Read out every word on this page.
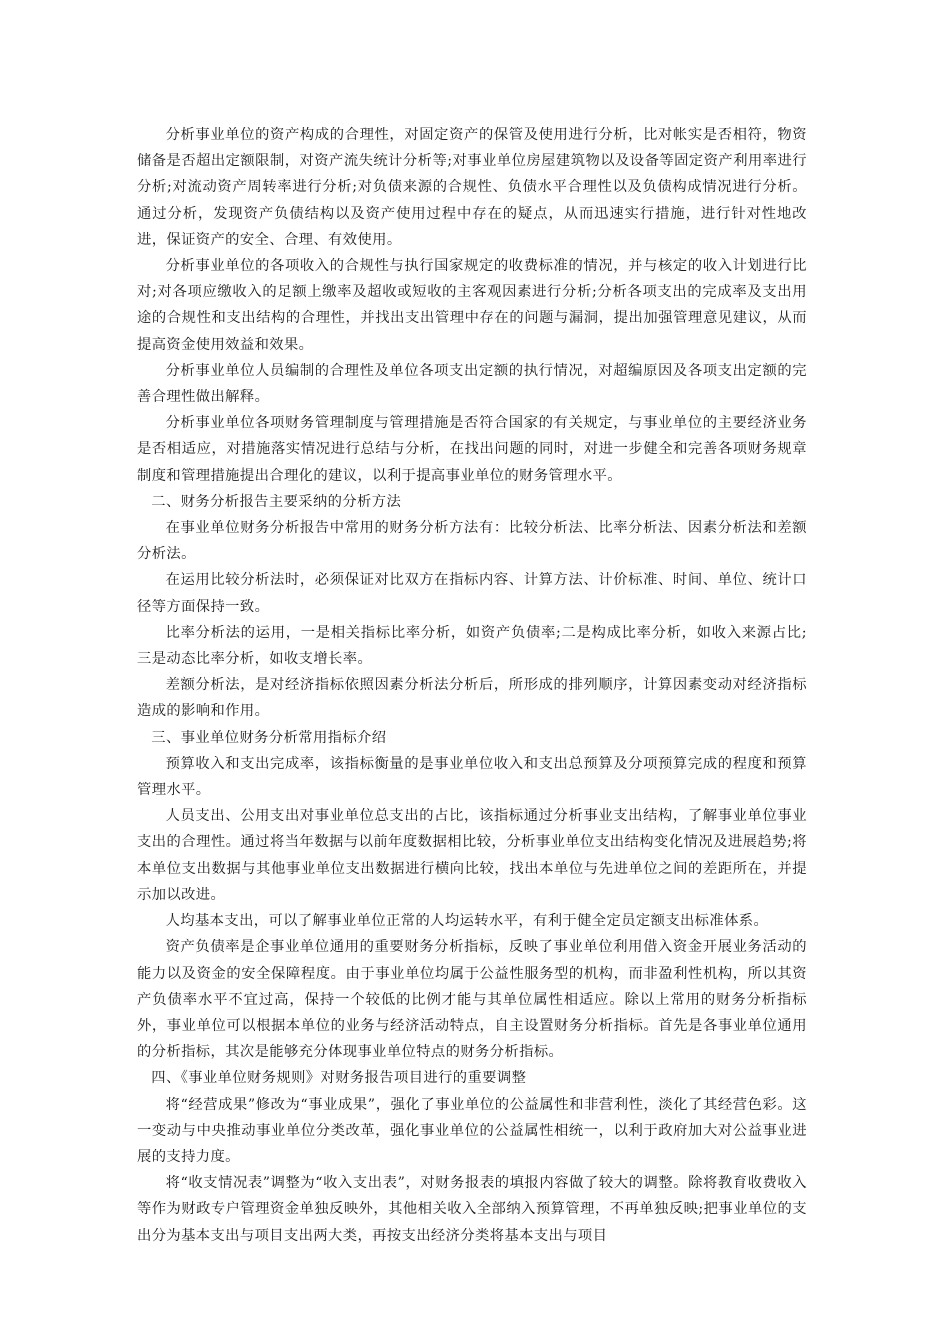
分析事业单位的资产构成的合理性，对固定资产的保管及使用进行分析，比对帐实是否相符，物资储备是否超出定额限制，对资产流失统计分析等;对事业单位房屋建筑物以及设备等固定资产利用率进行分析;对流动资产周转率进行分析;对负债来源的合规性、负债水平合理性以及负债构成情况进行分析。通过分析，发现资产负债结构以及资产使用过程中存在的疑点，从而迅速实行措施，进行针对性地改进，保证资产的安全、合理、有效使用。

分析事业单位的各项收入的合规性与执行国家规定的收费标准的情况，并与核定的收入计划进行比对;对各项应缴收入的足额上缴率及超收或短收的主客观因素进行分析;分析各项支出的完成率及支出用途的合规性和支出结构的合理性，并找出支出管理中存在的问题与漏洞，提出加强管理意见建议，从而提高资金使用效益和效果。

分析事业单位人员编制的合理性及单位各项支出定额的执行情况，对超编原因及各项支出定额的完善合理性做出解释。

分析事业单位各项财务管理制度与管理措施是否符合国家的有关规定，与事业单位的主要经济业务是否相适应，对措施落实情况进行总结与分析，在找出问题的同时，对进一步健全和完善各项财务规章制度和管理措施提出合理化的建议，以利于提高事业单位的财务管理水平。

二、财务分析报告主要采纳的分析方法

在事业单位财务分析报告中常用的财务分析方法有：比较分析法、比率分析法、因素分析法和差额分析法。

在运用比较分析法时，必须保证对比双方在指标内容、计算方法、计价标准、时间、单位、统计口径等方面保持一致。

比率分析法的运用，一是相关指标比率分析，如资产负债率;二是构成比率分析，如收入来源占比;三是动态比率分析，如收支增长率。

差额分析法，是对经济指标依照因素分析法分析后，所形成的排列顺序，计算因素变动对经济指标造成的影响和作用。

三、事业单位财务分析常用指标介绍

预算收入和支出完成率，该指标衡量的是事业单位收入和支出总预算及分项预算完成的程度和预算管理水平。

人员支出、公用支出对事业单位总支出的占比，该指标通过分析事业支出结构，了解事业单位事业支出的合理性。通过将当年数据与以前年度数据相比较，分析事业单位支出结构变化情况及进展趋势;将本单位支出数据与其他事业单位支出数据进行横向比较，找出本单位与先进单位之间的差距所在，并提示加以改进。

人均基本支出，可以了解事业单位正常的人均运转水平，有利于健全定员定额支出标准体系。

资产负债率是企事业单位通用的重要财务分析指标，反映了事业单位利用借入资金开展业务活动的能力以及资金的安全保障程度。由于事业单位均属于公益性服务型的机构，而非盈利性机构，所以其资产负债率水平不宜过高，保持一个较低的比例才能与其单位属性相适应。除以上常用的财务分析指标外，事业单位可以根据本单位的业务与经济活动特点，自主设置财务分析指标。首先是各事业单位通用的分析指标，其次是能够充分体现事业单位特点的财务分析指标。

四、《事业单位财务规则》对财务报告项目进行的重要调整

将“经营成果”修改为“事业成果”，强化了事业单位的公益属性和非营利性，淡化了其经营色彩。这一变动与中央推动事业单位分类改革，强化事业单位的公益属性相统一，以利于政府加大对公益事业进展的支持力度。

将“收支情况表”调整为“收入支出表”，对财务报表的填报内容做了较大的调整。除将教育收费收入等作为财政专户管理资金单独反映外，其他相关收入全部纳入预算管理，不再单独反映;把事业单位的支出分为基本支出与项目支出两大类，再按支出经济分类将基本支出与项目
